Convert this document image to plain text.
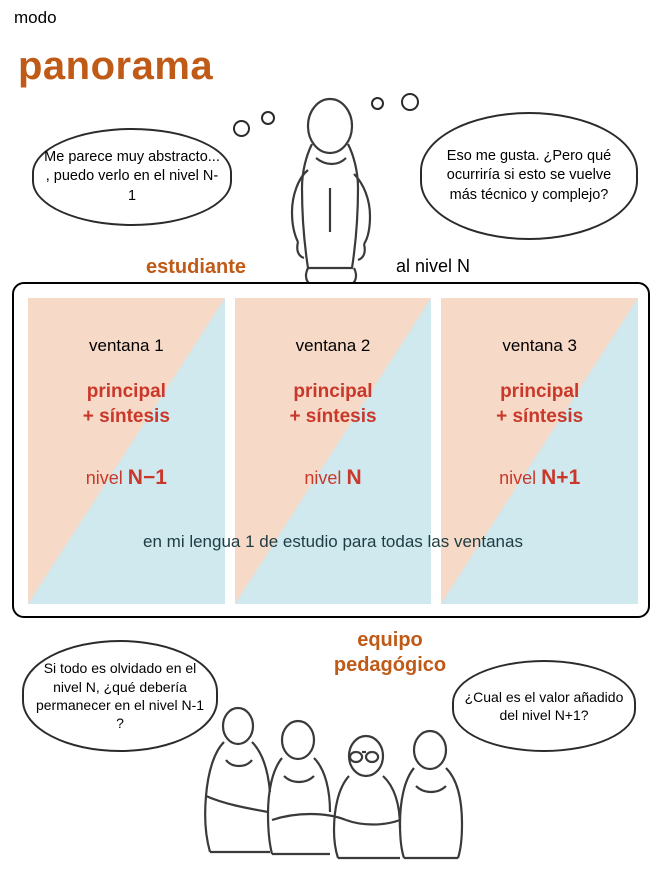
modo
panorama
Me parece muy abstracto... , puedo verlo en el nivel N-1
Eso me gusta. ¿Pero qué ocurriría si esto se vuelve más técnico y complejo?
estudiante	al nivel N
ventana 1
principal
+ síntesis
nivel N−1
ventana 2
principal
+ síntesis
nivel N
ventana 3
principal
+ síntesis
nivel N+1
en mi lengua 1 de estudio para todas las ventanas
equipo
pedagógico
Si todo es olvidado en el nivel N, ¿qué debería permanecer en el nivel N-1 ?
¿Cual es el valor añadido del nivel N+1?
